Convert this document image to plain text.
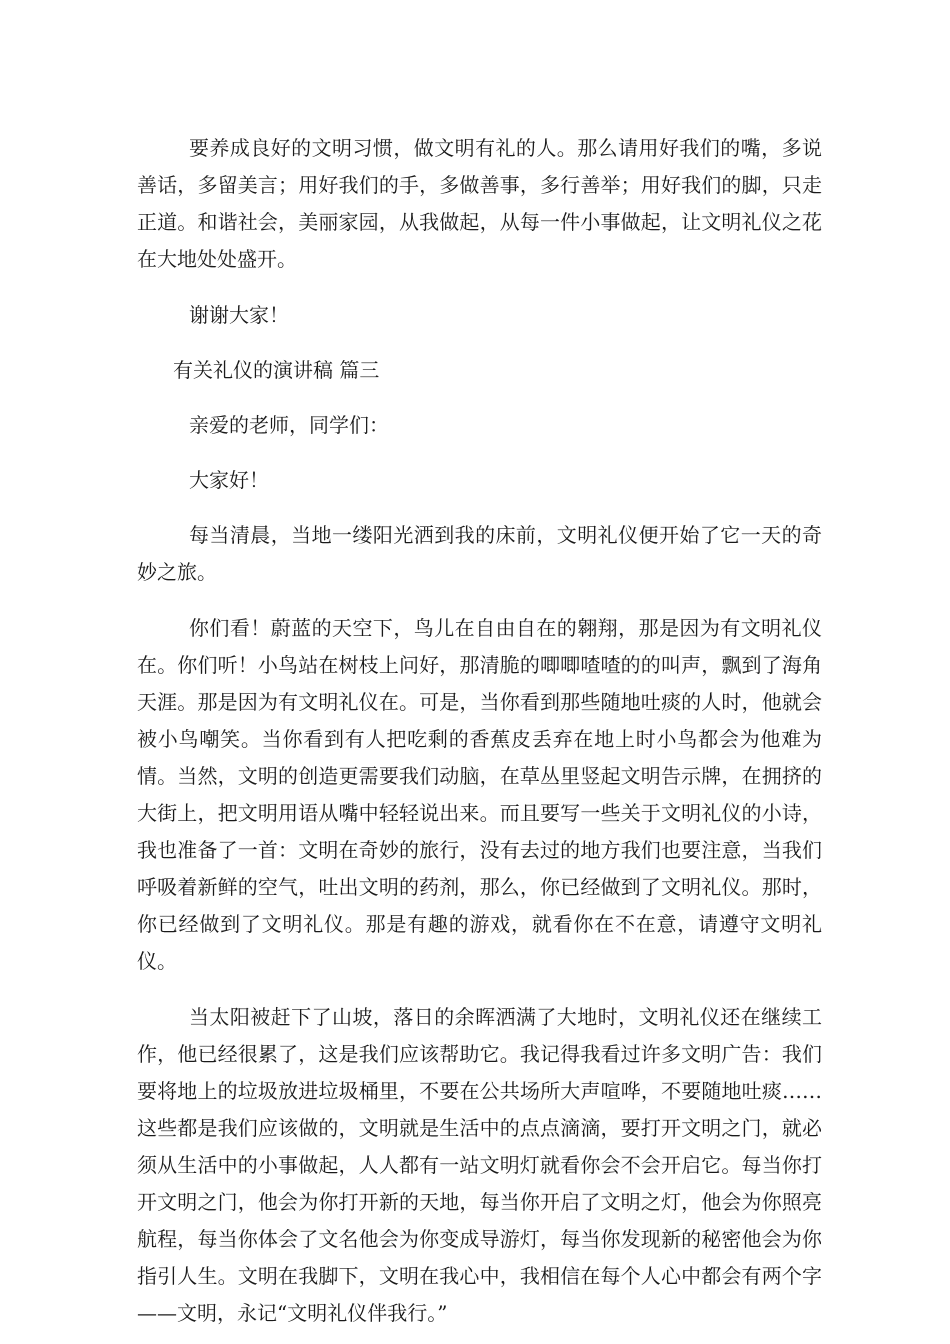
要养成良好的文明习惯，做文明有礼的人。那么请用好我们的嘴，多说善话，多留美言；用好我们的手，多做善事，多行善举；用好我们的脚，只走正道。和谐社会，美丽家园，从我做起，从每一件小事做起，让文明礼仪之花在大地处处盛开。

谢谢大家！

有关礼仪的演讲稿 篇三

亲爱的老师，同学们：

大家好！

每当清晨，当地一缕阳光洒到我的床前，文明礼仪便开始了它一天的奇妙之旅。

你们看！蔚蓝的天空下，鸟儿在自由自在的翱翔，那是因为有文明礼仪在。你们听！小鸟站在树枝上问好，那清脆的唧唧喳喳的的叫声，飘到了海角天涯。那是因为有文明礼仪在。可是，当你看到那些随地吐痰的人时，他就会被小鸟嘲笑。当你看到有人把吃剩的香蕉皮丢弃在地上时小鸟都会为他难为情。当然，文明的创造更需要我们动脑，在草丛里竖起文明告示牌，在拥挤的大街上，把文明用语从嘴中轻轻说出来。而且要写一些关于文明礼仪的小诗，我也准备了一首：文明在奇妙的旅行，没有去过的地方我们也要注意，当我们呼吸着新鲜的空气，吐出文明的药剂，那么，你已经做到了文明礼仪。那时，你已经做到了文明礼仪。那是有趣的游戏，就看你在不在意，请遵守文明礼仪。

当太阳被赶下了山坡，落日的余晖洒满了大地时，文明礼仪还在继续工作，他已经很累了，这是我们应该帮助它。我记得我看过许多文明广告：我们要将地上的垃圾放进垃圾桶里，不要在公共场所大声喧哗，不要随地吐痰……这些都是我们应该做的，文明就是生活中的点点滴滴，要打开文明之门，就必须从生活中的小事做起，人人都有一站文明灯就看你会不会开启它。每当你打开文明之门，他会为你打开新的天地，每当你开启了文明之灯，他会为你照亮航程，每当你体会了文名他会为你变成导游灯，每当你发现新的秘密他会为你指引人生。文明在我脚下，文明在我心中，我相信在每个人心中都会有两个字——文明，永记“文明礼仪伴我行。”
